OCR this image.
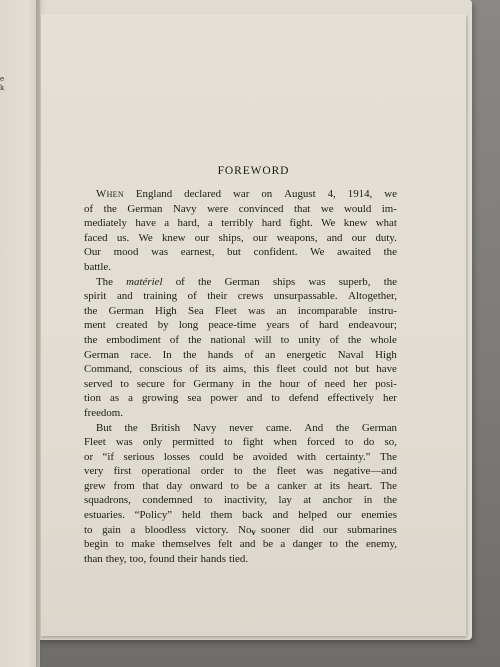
e
k
FOREWORD
When England declared war on August 4, 1914, we
of the German Navy were convinced that we would im-
mediately have a hard, a terribly hard fight. We knew what
faced us. We knew our ships, our weapons, and our duty.
Our mood was earnest, but confident. We awaited the
battle.
The matériel of the German ships was superb, the
spirit and training of their crews unsurpassable. Altogether,
the German High Sea Fleet was an incomparable instru-
ment created by long peace-time years of hard endeavour;
the embodiment of the national will to unity of the whole
German race. In the hands of an energetic Naval High
Command, conscious of its aims, this fleet could not but have
served to secure for Germany in the hour of need her posi-
tion as a growing sea power and to defend effectively her
freedom.
But the British Navy never came. And the German
Fleet was only permitted to fight when forced to do so,
or “if serious losses could be avoided with certainty.” The
very first operational order to the fleet was negative—and
grew from that day onward to be a canker at its heart. The
squadrons, condemned to inactivity, lay at anchor in the
estuaries. “Policy” held them back and helped our enemies
to gain a bloodless victory. No sooner did our submarines
begin to make themselves felt and be a danger to the enemy,
than they, too, found their hands tied.
v
